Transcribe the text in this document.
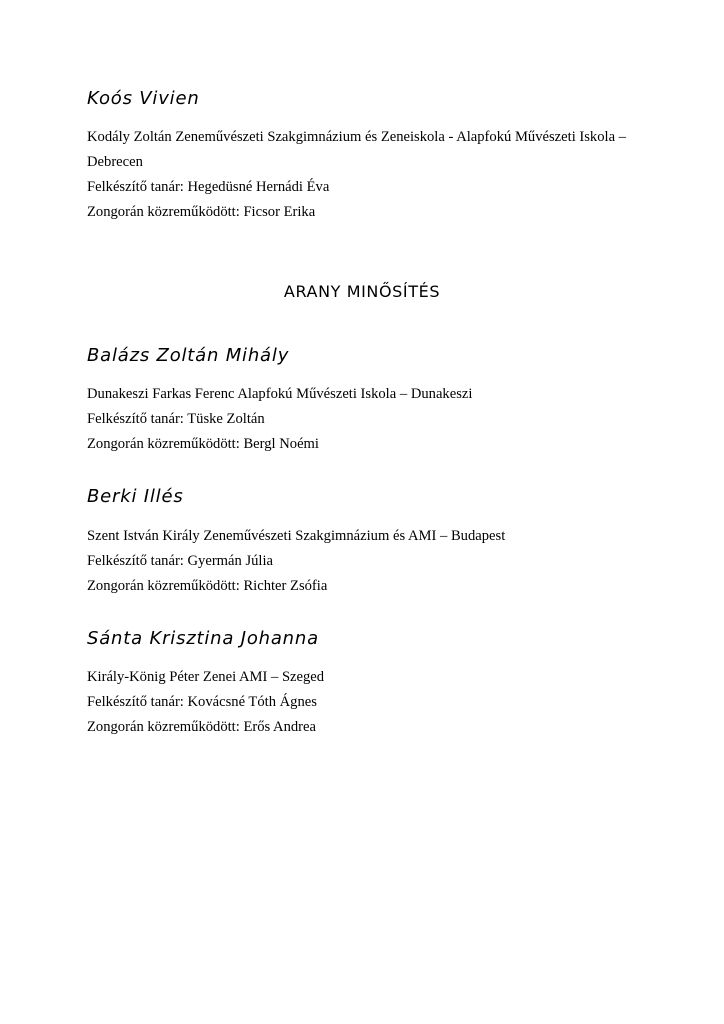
Koós Vivien

Kodály Zoltán Zeneművészeti Szakgimnázium és Zeneiskola - Alapfokú Művészeti Iskola –

Debrecen

Felkészítő tanár: Hegedüsné Hernádi Éva

Zongorán közreműködött: Ficsor Erika

ARANY MINŐSÍTÉS
Balázs Zoltán Mihály

Dunakeszi Farkas Ferenc Alapfokú Művészeti Iskola – Dunakeszi

Felkészítő tanár: Tüske Zoltán

Zongorán közreműködött: Bergl Noémi

Berki Illés

Szent István Király Zeneművészeti Szakgimnázium és AMI – Budapest

Felkészítő tanár: Gyermán Júlia

Zongorán közreműködött: Richter Zsófia

Sánta Krisztina Johanna

Király-König Péter Zenei AMI – Szeged

Felkészítő tanár: Kovácsné Tóth Ágnes

Zongorán közreműködött: Erős Andrea
